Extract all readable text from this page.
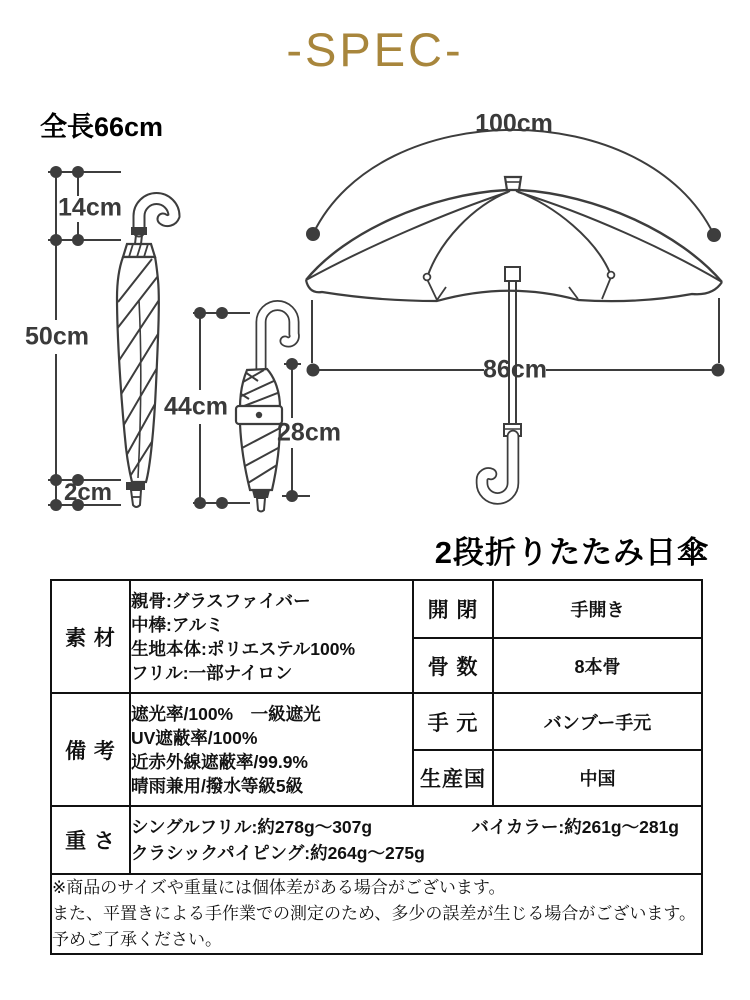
-SPEC-
全長66cm
14cm
50cm
2cm
44cm
28cm
100cm
86cm
2段折りたたみ日傘
素 材	親骨:グラスファイバー
中棒:アルミ
生地本体:ポリエステル100%
フリル:一部ナイロン	開 閉	手開き
		骨 数	8本骨
備 考	遮光率/100%　一級遮光
UV遮蔽率/100%
近赤外線遮蔽率/99.9%
晴雨兼用/撥水等級5級	手 元	バンブー手元
		生産国	中国
重 さ	シングルフリル:約278g〜307g バイカラー:約261g〜281g
クラシックパイピング:約264g〜275g		

※商品のサイズや重量には個体差がある場合がございます。
また、平置きによる手作業での測定のため、多少の誤差が生じる場合がございます。
予めご了承ください。			
